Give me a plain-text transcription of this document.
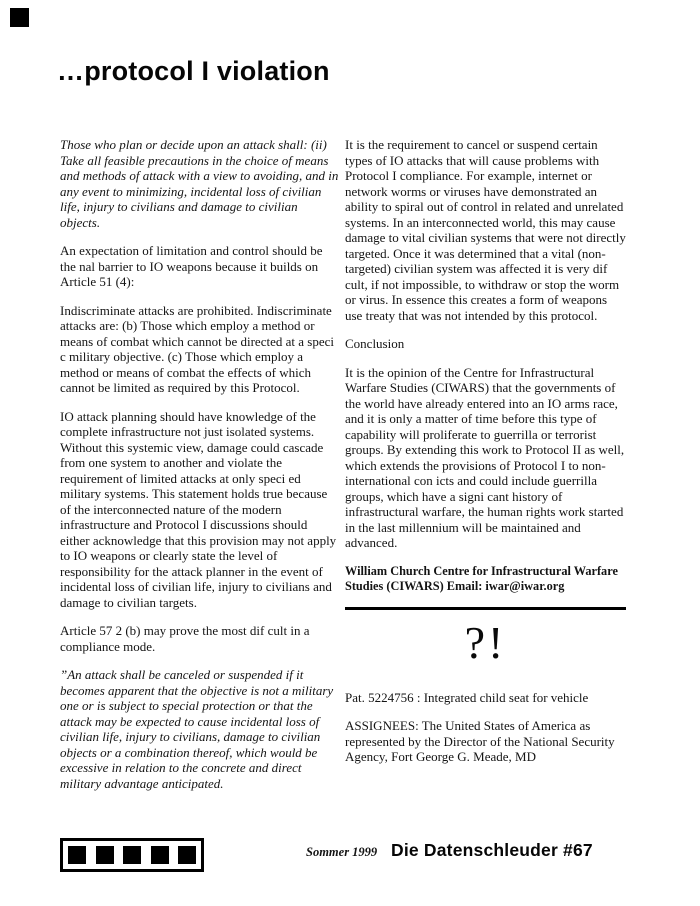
…protocol I violation

Those who plan or decide upon an attack shall: (ii) Take all feasible precautions in the choice of means and methods of attack with a view to avoiding, and in any event to minimizing, incidental loss of civilian life, injury to civilians and damage to civilian objects.

An expectation of limitation and control should be the nal barrier to IO weapons because it builds on Article 51 (4):

Indiscriminate attacks are prohibited. Indiscriminate attacks are: (b) Those which employ a method or means of combat which cannot be directed at a speci c military objective. (c) Those which employ a method or means of combat the effects of which cannot be limited as required by this Protocol.

IO attack planning should have knowledge of the complete infrastructure not just isolated systems. Without this systemic view, damage could cascade from one system to another and violate the requirement of limited attacks at only speci ed military systems. This statement holds true because of the interconnected nature of the modern infrastructure and Protocol I discussions should either acknowledge that this provision may not apply to IO weapons or clearly state the level of responsibility for the attack planner in the event of incidental loss of civilian life, injury to civilians and damage to civilian targets.

Article 57 2 (b) may prove the most dif cult in a compliance mode.

”An attack shall be canceled or suspended if it becomes apparent that the objective is not a military one or is subject to special protection or that the attack may be expected to cause incidental loss of civilian life, injury to civilians, damage to civilian objects or a combination thereof, which would be excessive in relation to the concrete and direct military advantage anticipated.

It is the requirement to cancel or suspend certain types of IO attacks that will cause problems with Protocol I compliance. For example, internet or network worms or viruses have demonstrated an ability to spiral out of control in related and unrelated systems. In an interconnected world, this may cause damage to vital civilian systems that were not directly targeted. Once it was determined that a vital (non-targeted) civilian system was affected it is very dif cult, if not impossible, to withdraw or stop the worm or virus. In essence this creates a form of weapons use treaty that was not intended by this protocol.

Conclusion

It is the opinion of the Centre for Infrastructural Warfare Studies (CIWARS) that the governments of the world have already entered into an IO arms race, and it is only a matter of time before this type of capability will proliferate to guerrilla or terrorist groups. By extending this work to Protocol II as well, which extends the provisions of Protocol I to non-international con icts and could include guerrilla groups, which have a signi cant history of infrastructural warfare, the human rights work started in the last millennium will be maintained and advanced.

William Church Centre for Infrastructural Warfare Studies (CIWARS) Email: iwar@iwar.org

?!

Pat. 5224756 : Integrated child seat for vehicle

ASSIGNEES: The United States of America as represented by the Director of the National Security Agency, Fort George G. Meade, MD

Sommer 1999 Die Datenschleuder #67
